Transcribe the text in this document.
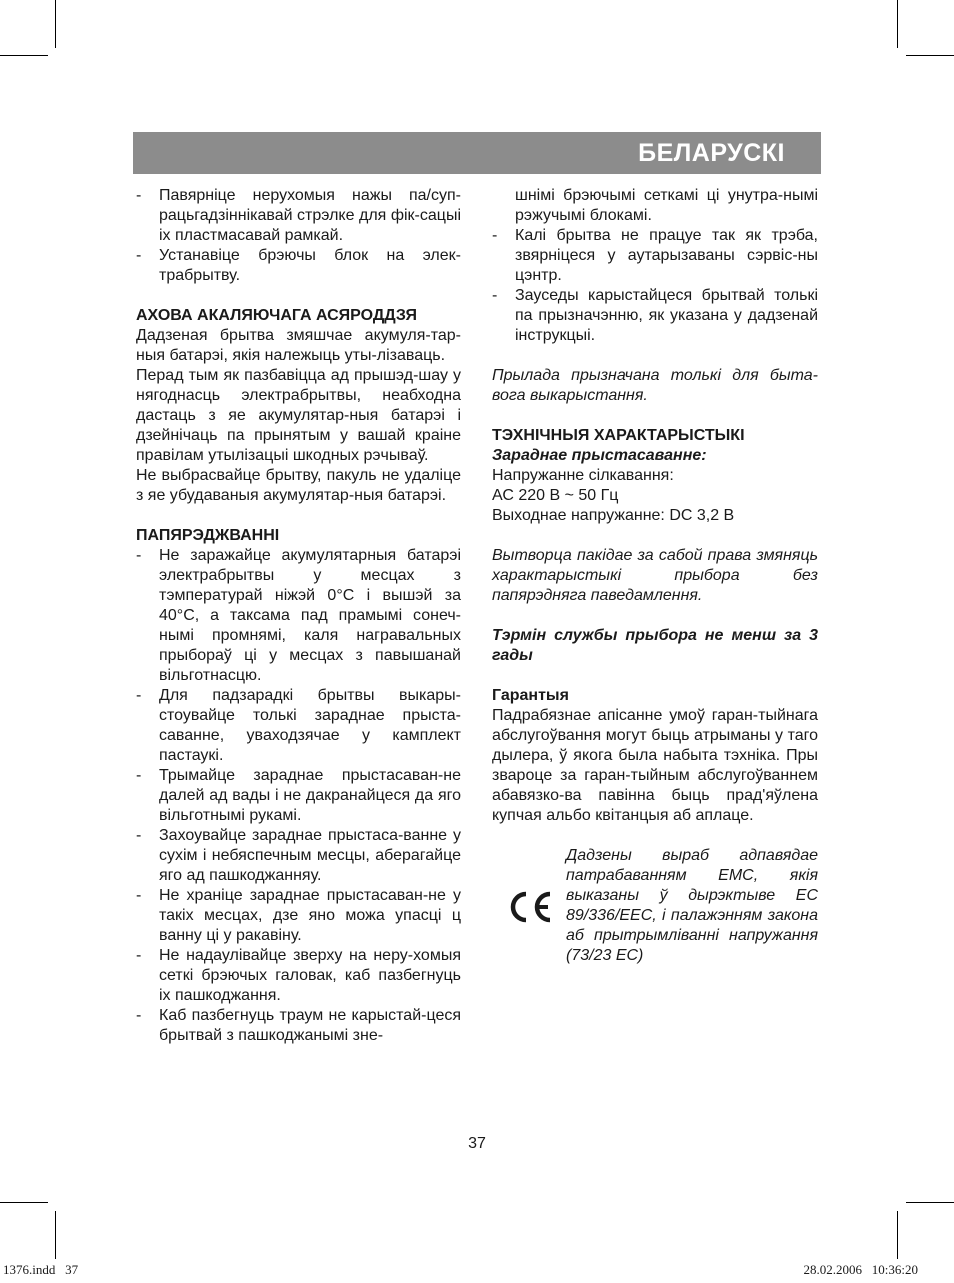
БЕЛАРУСКІ
- Павярніце нерухомыя нажы па/суп-рацьгадзіннікавай стрэлке для фік-сацыі іх пластмасавай рамкай.
- Устанавіце брэючы блок на элек-трабрытву.
АХОВА АКАЛЯЮЧАГА АСЯРОДДЗЯ
Дадзеная брытва змяшчае акумуля-тар-ныя батарэі, якія належыць уты-лізаваць.
Перад тым як пазбавіцца ад прышэд-шау у нягоднасць электрабрытвы, неабходна дастаць з яе акумулятар-ныя батарэі і дзейнічаць па прынятым у вашай краіне правілам утылізацыі шкодных рэчываў.
Не выбрасвайце брытву, пакуль не удаліце з яе убудаваныя акумулятар-ныя батарэі.
ПАПЯРЭДЖВАННІ
- Не заражайце акумулятарныя батарэі электрабрытвы у месцах з тэмпературай ніжэй 0°С і вышэй за 40°С, а таксама пад прамымі сонеч-нымі промнямі, каля награвальных прыбораў ці у месцах з павышанай вільготнасцю.
- Для падзарадкі брытвы выкары-стоувайце толькі зараднае прыста-саванне, увaходзячае у камплект пастаукі.
- Трымайце зараднае прыстасаван-не далей ад вады і не дакранайцеся да яго вільготнымі рукамі.
- Захоувайце зараднае прыстаса-ванне у сухім і небяспечным месцы, аберагайце яго ад пашкоджанняу.
- Не храніце зараднае прыстасаван-не у такіх месцах, дзе яно можа упасці ц ванну ці у ракавіну.
- Не надаулівайце зверху на неру-хомыя сеткі брэючых галовак, каб пазбегнуць іх пашкоджання.
- Каб пазбегнуць траум не карыстай-цеся брытвай з пашкоджанымі зне-
шнімі брэючымі сеткамі ці унутра-нымі рэжучымі блокамі.
- Калі брытва не працуе так як трэба, звярніцеся у аутарызаваны сэрвіс-ны цэнтр.
- Зауседы карыстайцеся брытвай толькі па прызначэнню, як указана у дадзенай інструкцыі.
Прылада прызначана толькі для быта-вога выкарыстання.
ТЭХНІЧНЫЯ ХАРАКТАРЫСТЫКІ
Зараднае прыстасаванне:
Напружанне сілкавання:
АС 220 В ~ 50 Гц
Выходнае напружанне: DC 3,2 В
Вытворца пакідае за сабой права змяняць характарыстыкі прыбора без папярэдняга паведамлення.
Тэрмін службы прыбора не менш за 3 гады
Гарантыя
Падрабязнае апісанне умоў гаран-тыйнага абслугоўвання могут быць атрыманы у таго дылера, ў якога была набыта тэхніка. Пры звароце за гаран-тыйным абслугоўваннем абавязко-ва павінна быць прад'яўлена купчая альбо квітанцыя аб аплаце.
Дадзены выраб адпавядае патрабаванням ЕМС, якія выказаны ў дырэктыве ЕС 89/336/ЕЕС, і палажэнням закона аб прытрымліванні напружання (73/23 ЕС)
37
1376.indd   37	28.02.2006   10:36:20
